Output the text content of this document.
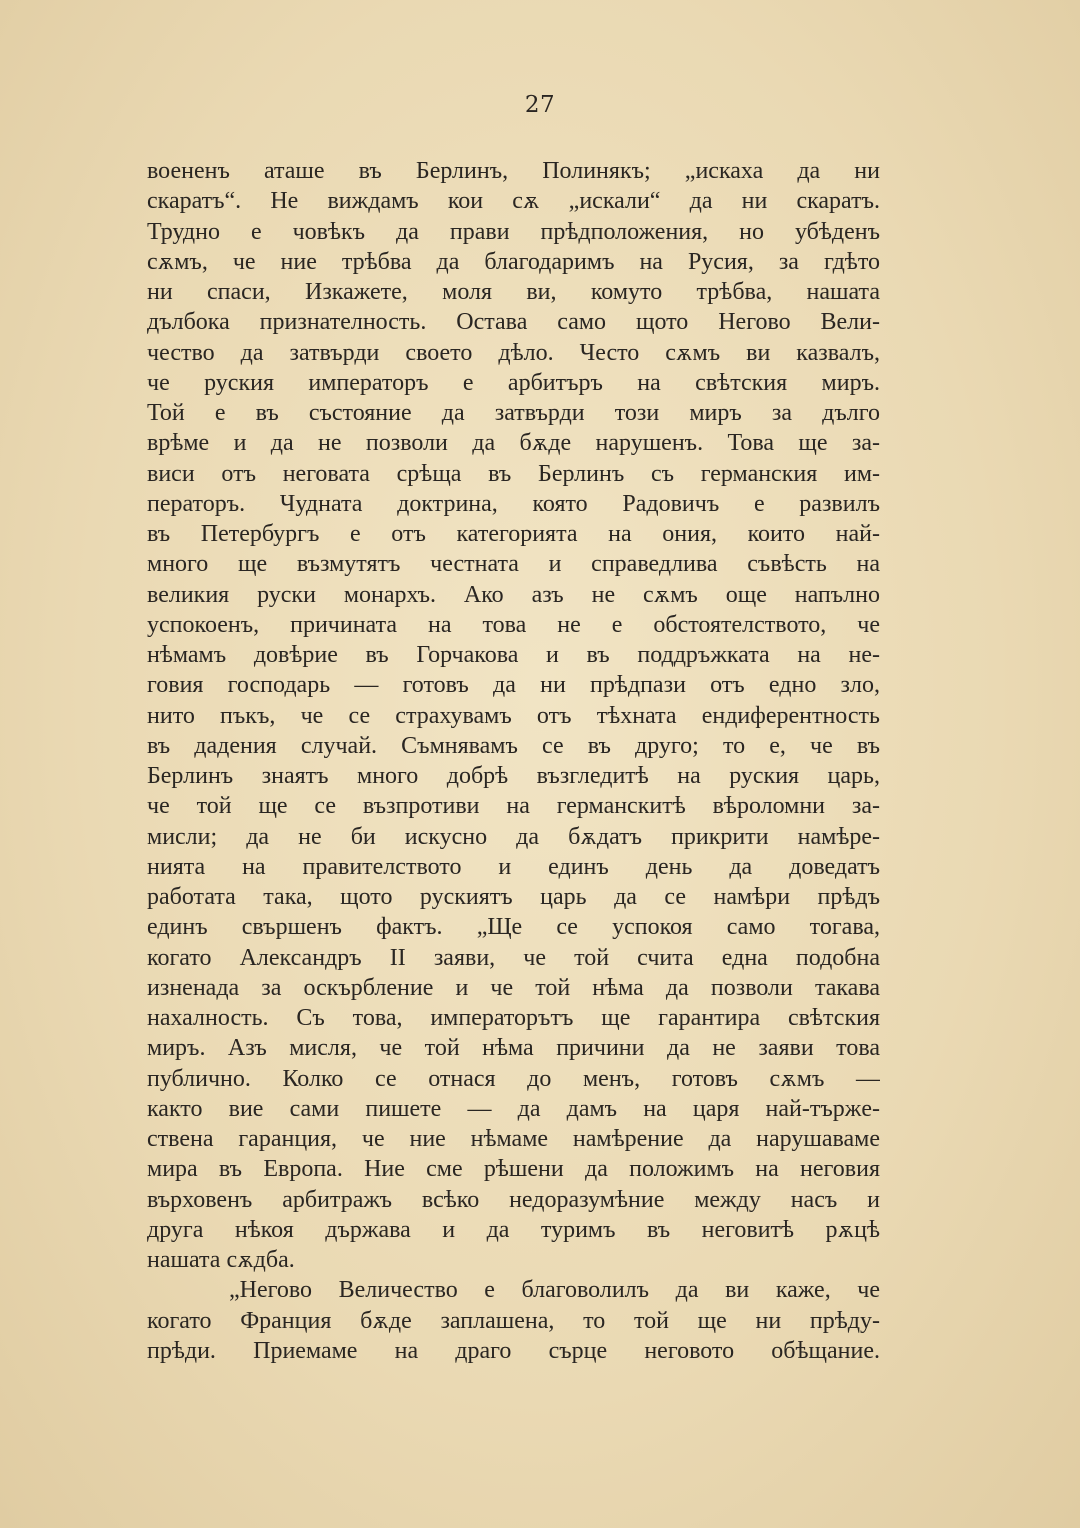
27
воененъ аташе въ Берлинъ, Полинякъ; „искаха да ни
скаратъ“. Не виждамъ кои сѫ „искали“ да ни скаратъ.
Трудно е човѣкъ да прави прѣдположения, но убѣденъ
сѫмъ, че ние трѣбва да благодаримъ на Русия, за гдѣто
ни спаси, Изкажете, моля ви, комуто трѣбва, нашата
дълбока признателность. Остава само щото Негово Вели-
чество да затвърди своето дѣло. Често сѫмъ ви казвалъ,
че руския императоръ е арбитъръ на свѣтския миръ.
Той е въ състояние да затвърди този миръ за дълго
врѣме и да не позволи да бѫде нарушенъ. Това ще за-
виси отъ неговата срѣща въ Берлинъ съ германския им-
ператоръ. Чудната доктрина, която Радовичъ е развилъ
въ Петербургъ е отъ категорията на ония, които най-
много ще възмутятъ честната и справедлива съвѣсть на
великия руски монархъ. Ако азъ не сѫмъ още напълно
успокоенъ, причината на това не е обстоятелството, че
нѣмамъ довѣрие въ Горчакова и въ поддръжката на не-
говия господарь — готовъ да ни прѣдпази отъ едно зло,
нито пъкъ, че се страхувамъ отъ тѣхната ендиферентность
въ дадения случай. Съмнявамъ се въ друго; то е, че въ
Берлинъ знаятъ много добрѣ възгледитѣ на руския царь,
че той ще се възпротиви на германскитѣ вѣроломни за-
мисли; да не би искусно да бѫдатъ прикрити намѣре-
нията на правителството и единъ день да доведатъ
работата така, щото рускиятъ царь да се намѣри прѣдъ
единъ свършенъ фактъ. „Ще се успокоя само тогава,
когато Александръ II заяви, че той счита една подобна
изненада за оскърбление и че той нѣма да позволи такава
нахалность. Съ това, императорътъ ще гарантира свѣтския
миръ. Азъ мисля, че той нѣма причини да не заяви това
публично. Колко се отнася до менъ, готовъ сѫмъ —
както вие сами пишете — да дамъ на царя най-тържe-
ствена гаранция, че ние нѣмаме намѣрение да нарушаваме
мира въ Европа. Ние сме рѣшени да положимъ на неговия
върховенъ арбитражъ всѣко недоразумѣние между насъ и
друга нѣкоя държава и да туримъ въ неговитѣ рѫцѣ
нашата сѫдба.
„Негово Величество е благоволилъ да ви каже, че
когато Франция бѫде заплашена, то той ще ни прѣду-
прѣди. Приемаме на драго сърце неговото обѣщание.
